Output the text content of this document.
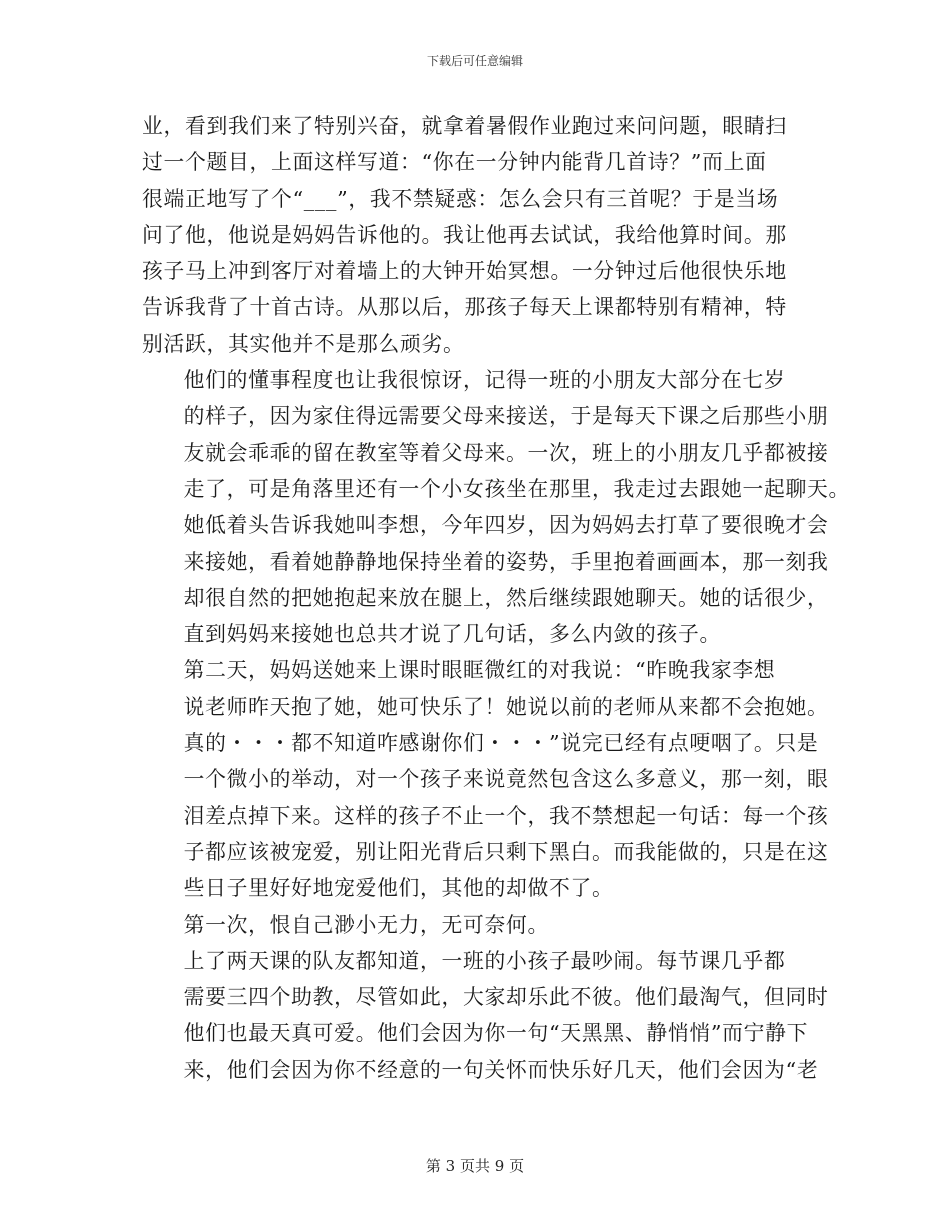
下载后可任意编辑

业，看到我们来了特别兴奋，就拿着暑假作业跑过来问问题，眼睛扫
过一个题目，上面这样写道：“你在一分钟内能背几首诗？”而上面
很端正地写了个“___”，我不禁疑惑：怎么会只有三首呢？于是当场
问了他，他说是妈妈告诉他的。我让他再去试试，我给他算时间。那
孩子马上冲到客厅对着墙上的大钟开始冥想。一分钟过后他很快乐地
告诉我背了十首古诗。从那以后，那孩子每天上课都特别有精神，特
别活跃，其实他并不是那么顽劣。

他们的懂事程度也让我很惊讶，记得一班的小朋友大部分在七岁
的样子，因为家住得远需要父母来接送，于是每天下课之后那些小朋
友就会乖乖的留在教室等着父母来。一次，班上的小朋友几乎都被接
走了，可是角落里还有一个小女孩坐在那里，我走过去跟她一起聊天。
她低着头告诉我她叫李想，今年四岁，因为妈妈去打草了要很晚才会
来接她，看着她静静地保持坐着的姿势，手里抱着画画本，那一刻我
却很自然的把她抱起来放在腿上，然后继续跟她聊天。她的话很少，
直到妈妈来接她也总共才说了几句话，多么内敛的孩子。

第二天，妈妈送她来上课时眼眶微红的对我说：“昨晚我家李想
说老师昨天抱了她，她可快乐了！她说以前的老师从来都不会抱她。
真的・・・都不知道咋感谢你们・・・”说完已经有点哽咽了。只是
一个微小的举动，对一个孩子来说竟然包含这么多意义，那一刻，眼
泪差点掉下来。这样的孩子不止一个，我不禁想起一句话：每一个孩
子都应该被宠爱，别让阳光背后只剩下黑白。而我能做的，只是在这
些日子里好好地宠爱他们，其他的却做不了。

第一次，恨自己渺小无力，无可奈何。

上了两天课的队友都知道，一班的小孩子最吵闹。每节课几乎都
需要三四个助教，尽管如此，大家却乐此不彼。他们最淘气，但同时
他们也最天真可爱。他们会因为你一句“天黑黑、静悄悄”而宁静下
来，他们会因为你不经意的一句关怀而快乐好几天，他们会因为“老

第 3 页共 9 页
